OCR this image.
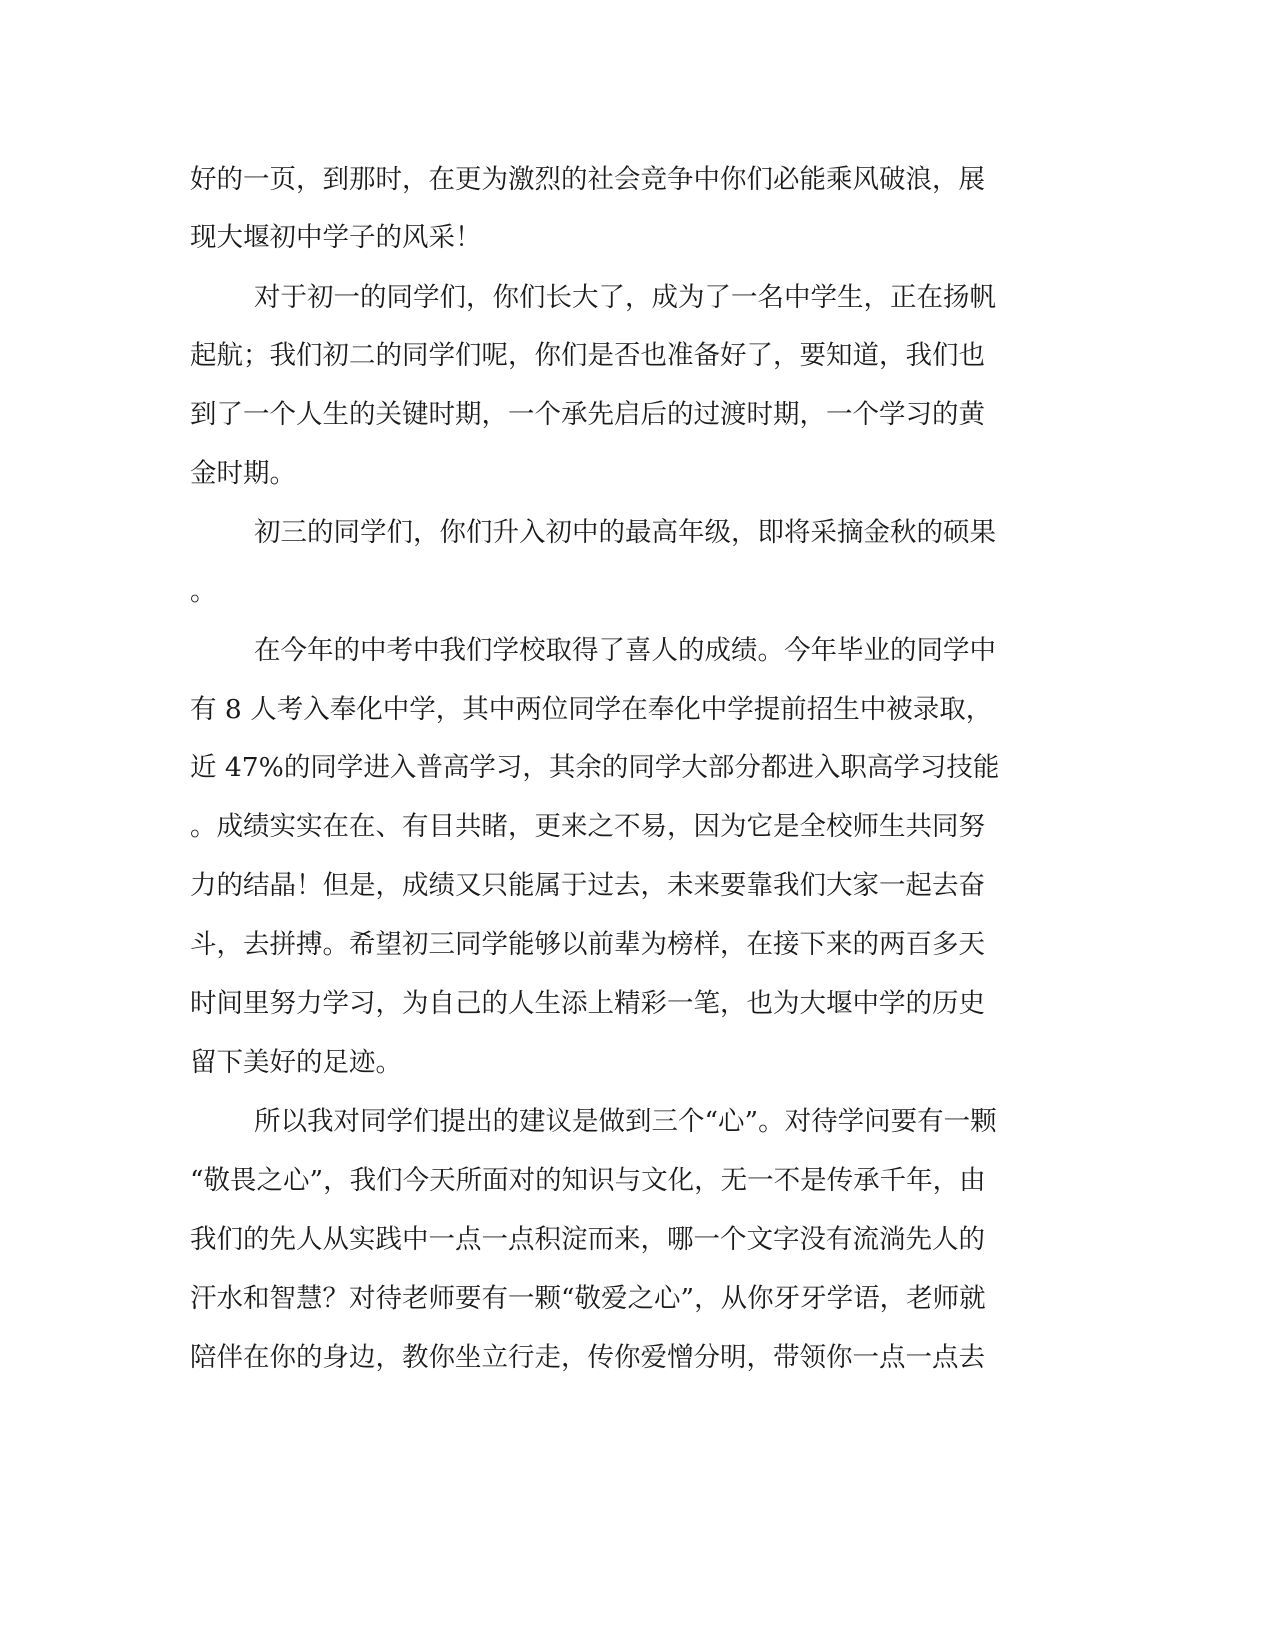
好的一页，到那时，在更为激烈的社会竞争中你们必能乘风破浪，展
现大堰初中学子的风采！
对于初一的同学们，你们长大了，成为了一名中学生，正在扬帆
起航；我们初二的同学们呢，你们是否也准备好了，要知道，我们也
到了一个人生的关键时期，一个承先启后的过渡时期，一个学习的黄
金时期。
初三的同学们，你们升入初中的最高年级，即将采摘金秋的硕果
。
在今年的中考中我们学校取得了喜人的成绩。今年毕业的同学中
有 8 人考入奉化中学，其中两位同学在奉化中学提前招生中被录取，
近 47%的同学进入普高学习，其余的同学大部分都进入职高学习技能
。成绩实实在在、有目共睹，更来之不易，因为它是全校师生共同努
力的结晶！但是，成绩又只能属于过去，未来要靠我们大家一起去奋
斗，去拼搏。希望初三同学能够以前辈为榜样，在接下来的两百多天
时间里努力学习，为自己的人生添上精彩一笔，也为大堰中学的历史
留下美好的足迹。
所以我对同学们提出的建议是做到三个“心”。对待学问要有一颗
“敬畏之心”，我们今天所面对的知识与文化，无一不是传承千年，由
我们的先人从实践中一点一点积淀而来，哪一个文字没有流淌先人的
汗水和智慧？对待老师要有一颗“敬爱之心”，从你牙牙学语，老师就
陪伴在你的身边，教你坐立行走，传你爱憎分明，带领你一点一点去
